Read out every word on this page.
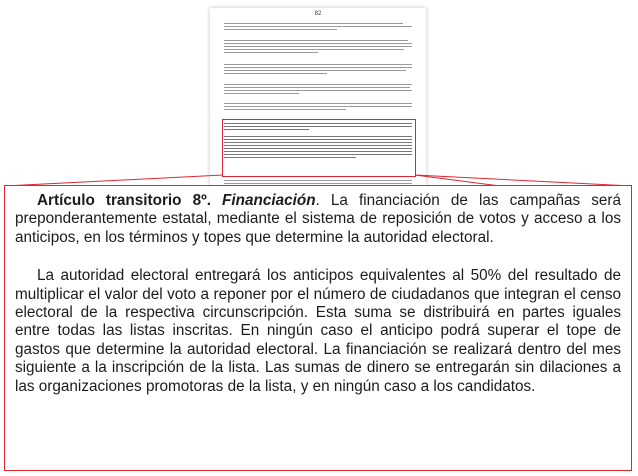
82

Artículo transitorio 8º. Financiación. La financiación de las campañas será preponderantemente estatal, mediante el sistema de reposición de votos y acceso a los anticipos, en los términos y topes que determine la autoridad electoral.

La autoridad electoral entregará los anticipos equivalentes al 50% del resultado de multiplicar el valor del voto a reponer por el número de ciudadanos que integran el censo electoral de la respectiva circunscripción. Esta suma se distribuirá en partes iguales entre todas las listas inscritas. En ningún caso el anticipo podrá superar el tope de gastos que determine la autoridad electoral. La financiación se realizará dentro del mes siguiente a la inscripción de la lista. Las sumas de dinero se entregarán sin dilaciones a las organizaciones promotoras de la lista, y en ningún caso a los candidatos.
